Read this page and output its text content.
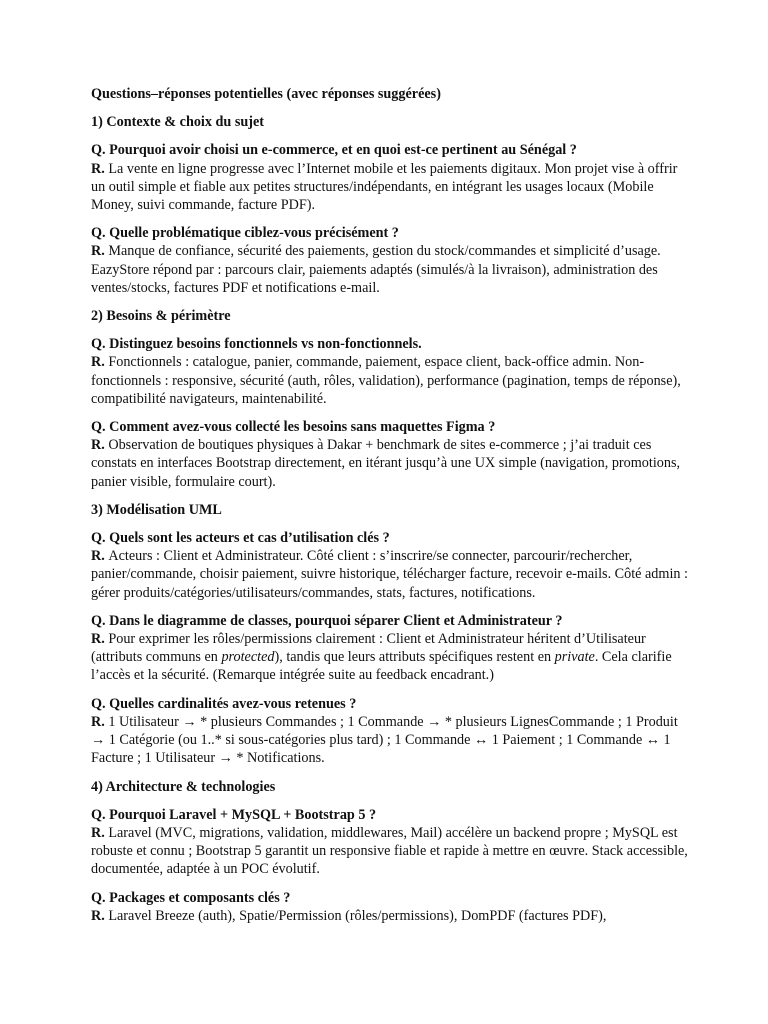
Questions–réponses potentielles (avec réponses suggérées)
1) Contexte & choix du sujet
Q. Pourquoi avoir choisi un e-commerce, et en quoi est-ce pertinent au Sénégal ?
R. La vente en ligne progresse avec l’Internet mobile et les paiements digitaux. Mon projet vise à offrir un outil simple et fiable aux petites structures/indépendants, en intégrant les usages locaux (Mobile Money, suivi commande, facture PDF).
Q. Quelle problématique ciblez-vous précisément ?
R. Manque de confiance, sécurité des paiements, gestion du stock/commandes et simplicité d’usage. EazyStore répond par : parcours clair, paiements adaptés (simulés/à la livraison), administration des ventes/stocks, factures PDF et notifications e-mail.
2) Besoins & périmètre
Q. Distinguez besoins fonctionnels vs non-fonctionnels.
R. Fonctionnels : catalogue, panier, commande, paiement, espace client, back-office admin. Non-fonctionnels : responsive, sécurité (auth, rôles, validation), performance (pagination, temps de réponse), compatibilité navigateurs, maintenabilité.
Q. Comment avez-vous collecté les besoins sans maquettes Figma ?
R. Observation de boutiques physiques à Dakar + benchmark de sites e-commerce ; j’ai traduit ces constats en interfaces Bootstrap directement, en itérant jusqu’à une UX simple (navigation, promotions, panier visible, formulaire court).
3) Modélisation UML
Q. Quels sont les acteurs et cas d’utilisation clés ?
R. Acteurs : Client et Administrateur. Côté client : s’inscrire/se connecter, parcourir/rechercher, panier/commande, choisir paiement, suivre historique, télécharger facture, recevoir e-mails. Côté admin : gérer produits/catégories/utilisateurs/commandes, stats, factures, notifications.
Q. Dans le diagramme de classes, pourquoi séparer Client et Administrateur ?
R. Pour exprimer les rôles/permissions clairement : Client et Administrateur héritent d’Utilisateur (attributs communs en protected), tandis que leurs attributs spécifiques restent en private. Cela clarifie l’accès et la sécurité. (Remarque intégrée suite au feedback encadrant.)
Q. Quelles cardinalités avez-vous retenues ?
R. 1 Utilisateur → * plusieurs Commandes ; 1 Commande → * plusieurs LignesCommande ; 1 Produit → 1 Catégorie (ou 1..* si sous-catégories plus tard) ; 1 Commande ↔ 1 Paiement ; 1 Commande ↔ 1 Facture ; 1 Utilisateur → * Notifications.
4) Architecture & technologies
Q. Pourquoi Laravel + MySQL + Bootstrap 5 ?
R. Laravel (MVC, migrations, validation, middlewares, Mail) accélère un backend propre ; MySQL est robuste et connu ; Bootstrap 5 garantit un responsive fiable et rapide à mettre en œuvre. Stack accessible, documentée, adaptée à un POC évolutif.
Q. Packages et composants clés ?
R. Laravel Breeze (auth), Spatie/Permission (rôles/permissions), DomPDF (factures PDF),
